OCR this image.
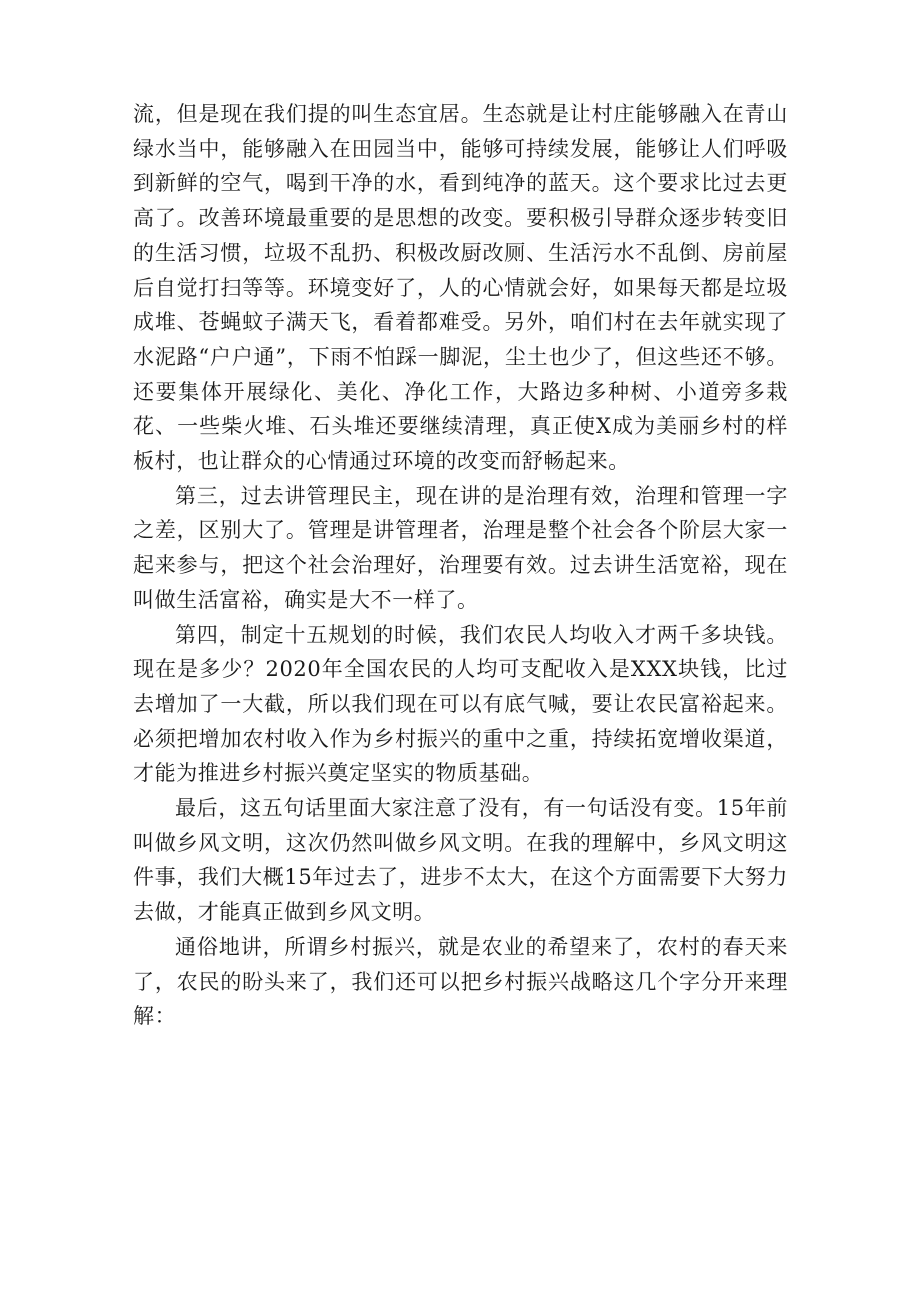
流，但是现在我们提的叫生态宜居。生态就是让村庄能够融入在青山绿水当中，能够融入在田园当中，能够可持续发展，能够让人们呼吸到新鲜的空气，喝到干净的水，看到纯净的蓝天。这个要求比过去更高了。改善环境最重要的是思想的改变。要积极引导群众逐步转变旧的生活习惯，垃圾不乱扔、积极改厨改厕、生活污水不乱倒、房前屋后自觉打扫等等。环境变好了，人的心情就会好，如果每天都是垃圾成堆、苍蝇蚊子满天飞，看着都难受。另外，咱们村在去年就实现了水泥路“户户通”，下雨不怕踩一脚泥，尘土也少了，但这些还不够。还要集体开展绿化、美化、净化工作，大路边多种树、小道旁多栽花、一些柴火堆、石头堆还要继续清理，真正使X成为美丽乡村的样板村，也让群众的心情通过环境的改变而舒畅起来。

第三，过去讲管理民主，现在讲的是治理有效，治理和管理一字之差，区别大了。管理是讲管理者，治理是整个社会各个阶层大家一起来参与，把这个社会治理好，治理要有效。过去讲生活宽裕，现在叫做生活富裕，确实是大不一样了。

第四，制定十五规划的时候，我们农民人均收入才两千多块钱。现在是多少？2020年全国农民的人均可支配收入是XXX块钱，比过去增加了一大截，所以我们现在可以有底气喊，要让农民富裕起来。必须把增加农村收入作为乡村振兴的重中之重，持续拓宽增收渠道，才能为推进乡村振兴奠定坚实的物质基础。

最后，这五句话里面大家注意了没有，有一句话没有变。15年前叫做乡风文明，这次仍然叫做乡风文明。在我的理解中，乡风文明这件事，我们大概15年过去了，进步不太大，在这个方面需要下大努力去做，才能真正做到乡风文明。

通俗地讲，所谓乡村振兴，就是农业的希望来了，农村的春天来了，农民的盼头来了，我们还可以把乡村振兴战略这几个字分开来理解：
